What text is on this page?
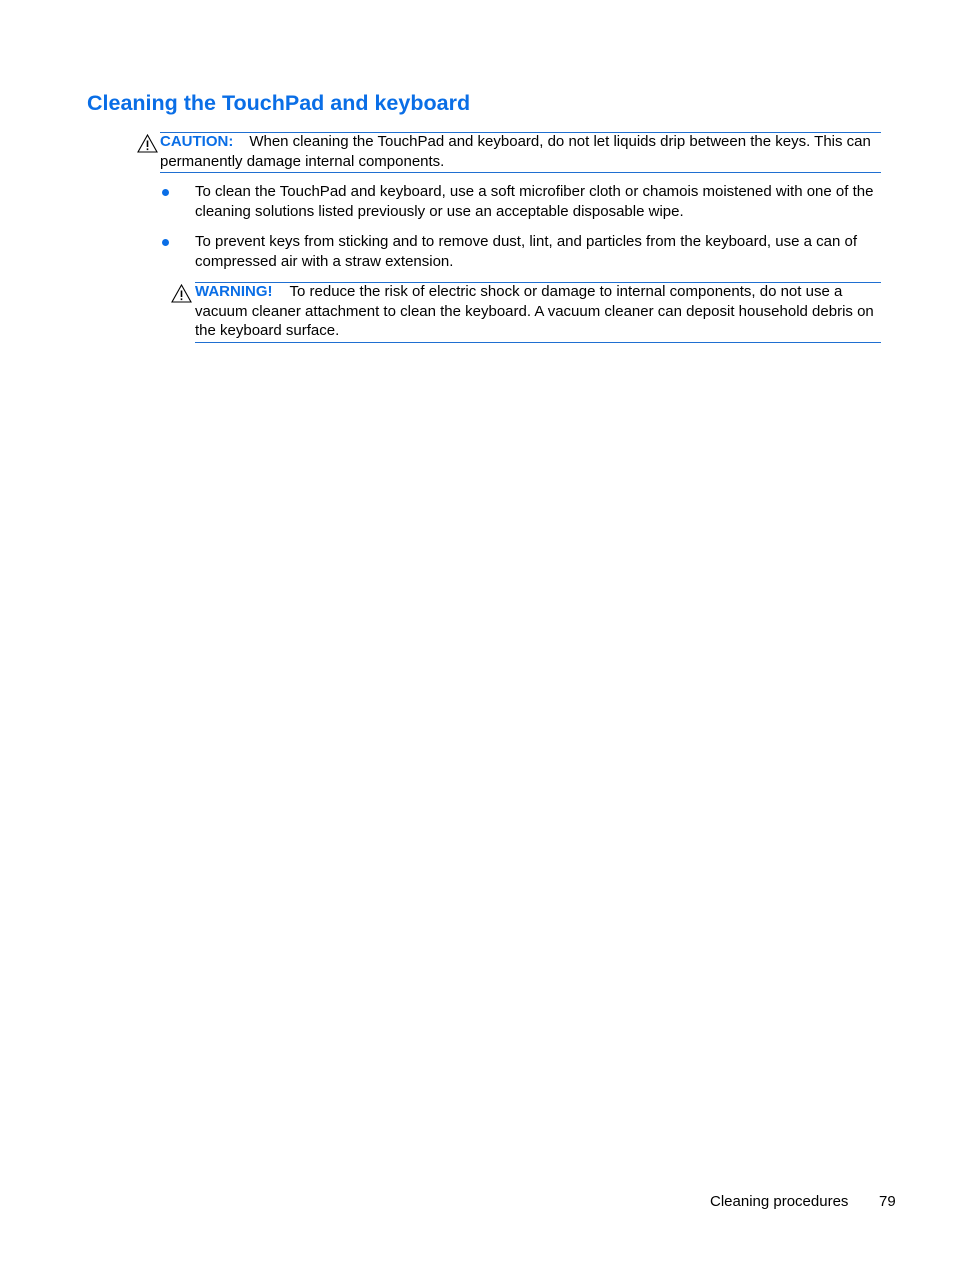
Cleaning the TouchPad and keyboard
CAUTION: When cleaning the TouchPad and keyboard, do not let liquids drip between the keys. This can permanently damage internal components.
To clean the TouchPad and keyboard, use a soft microfiber cloth or chamois moistened with one of the cleaning solutions listed previously or use an acceptable disposable wipe.
To prevent keys from sticking and to remove dust, lint, and particles from the keyboard, use a can of compressed air with a straw extension.
WARNING! To reduce the risk of electric shock or damage to internal components, do not use a vacuum cleaner attachment to clean the keyboard. A vacuum cleaner can deposit household debris on the keyboard surface.
Cleaning procedures 79
